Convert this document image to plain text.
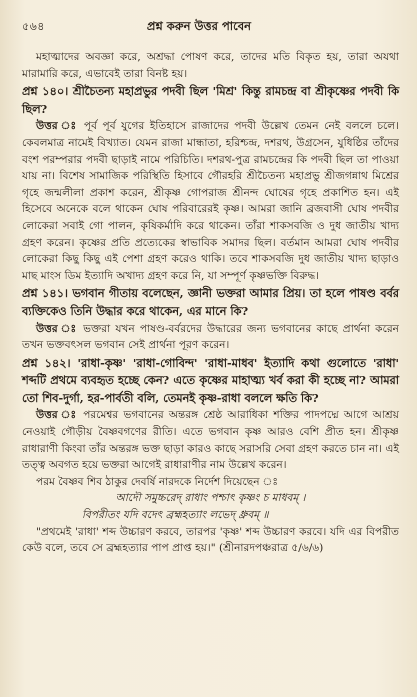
৫৬৪	প্রশ্ন করুন উত্তর পাবেন

মহাত্মাদের অবজ্ঞা করে, অশ্রদ্ধা পোষণ করে, তাদের মতি বিকৃত হয়, তারা অযথা মারামারি করে, এভাবেই তারা বিনষ্ট হয়।

প্রশ্ন ১৪০। শ্রীচৈতন্য মহাপ্রভুর পদবী ছিল 'মিশ্র' কিন্তু রামচন্দ্র বা শ্রীকৃষ্ণের পদবী কি ছিল?

উত্তর ঃ পূর্ব পূর্ব যুগের ইতিহাসে রাজাদের পদবী উল্লেখ তেমন নেই বললে চলে। কেবলমাত্র নামেই বিখ্যাত। যেমন রাজা মান্ধাতা, হরিশ্চন্দ্র, দশরথ, উগ্রসেন, যুধিষ্ঠির তাঁদের বংশ পরম্পরার পদবী ছাড়াই নামে পরিচিতি। দশরথ-পুত্র রামচন্দ্রের কি পদবী ছিল তা পাওয়া যায় না। বিশেষ সামাজিক পরিস্থিতি হিসাবে গৌরহরি শ্রীচৈতন্য মহাপ্রভু শ্রীজগন্নাথ মিশ্রের গৃহে জন্মলীলা প্রকাশ করেন, শ্রীকৃষ্ণ গোপরাজ শ্রীনন্দ ঘোষের গৃহে প্রকাশিত হন। এই হিসেবে অনেকে বলে থাকেন ঘোষ পরিবারেরই কৃষ্ণ। আমরা জানি ব্রজবাসী ঘোষ পদবীর লোকেরা সবাই গো পালন, কৃষিকর্মাদি করে থাকেন। তাঁরা শাকসবজি ও দুধ জাতীয় খাদ্য গ্রহণ করেন। কৃষ্ণের প্রতি প্রত্যেকের স্বাভাবিক সমাদর ছিল। বর্তমান আমরা ঘোষ পদবীর লোকেরা কিছু কিছু এই পেশা গ্রহণ করেও থাকি। তবে শাকসবজি দুধ জাতীয় খাদ্য ছাড়াও মাছ মাংস ডিম ইত্যাদি অখাদ্য গ্রহণ করে নি, যা সম্পূর্ণ কৃষ্ণভক্তি বিরুদ্ধ।

প্রশ্ন ১৪১। ভগবান গীতায় বলেছেন, জ্ঞানী ভক্তরা আমার প্রিয়। তা হলে পাষণ্ড বর্বর ব্যক্তিকেও তিনি উদ্ধার করে থাকেন, এর মানে কি?

উত্তর ঃ ভক্তরা যখন পাষণ্ড-বর্বরদের উদ্ধারের জন্য ভগবানের কাছে প্রার্থনা করেন তখন ভক্তবৎসল ভগবান সেই প্রার্থনা পূরণ করেন।

প্রশ্ন ১৪২। 'রাধা-কৃষ্ণ' 'রাধা-গোবিন্দ' 'রাধা-মাধব' ইত্যাদি কথা গুলোতে 'রাধা' শব্দটি প্রথমে ব্যবহৃত হচ্ছে কেন? এতে কৃষ্ণের মাহাত্ম্য খর্ব করা কী হচ্ছে না? আমরা তো শিব-দুর্গা, হর-পার্বতী বলি, তেমনই কৃষ্ণ-রাধা বললে ক্ষতি কি?

উত্তর ঃ পরমেশ্বর ভগবানের অন্তরঙ্গ শ্রেষ্ঠ আরাধিকা শক্তির পাদপদ্মে আগে আশ্রয় নেওয়াই গৌড়ীয় বৈষ্ণবগণের রীতি। এতে ভগবান কৃষ্ণ আরও বেশি প্রীত হন। শ্রীকৃষ্ণ রাধারাণী কিংবা তাঁর অন্তরঙ্গ ভক্ত ছাড়া কারও কাছে সরাসরি সেবা গ্রহণ করতে চান না। এই তত্ত্ব অবগত হয়ে ভক্তরা আগেই রাধারাণীর নাম উল্লেখ করেন।

পরম বৈষ্ণব শিব ঠাকুর দেবর্ষি নারদকে নির্দেশ দিয়েছেন ঃ

আদৌ সমুচ্চরেদ্ রাধাং পশ্চাৎ কৃষ্ণং চ মাধবম্ ।

বিপরীতং যদি বদেৎ ব্রহ্মহত্যাং লভেদ্ ধ্রুবম্ ॥

"প্রথমেই 'রাধা' শব্দ উচ্চারণ করবে, তারপর 'কৃষ্ণ' শব্দ উচ্চারণ করবে। যদি এর বিপরীত কেউ বলে, তবে সে ব্রহ্মহত্যার পাপ প্রাপ্ত হয়।" (শ্রীনারদপঞ্চরাত্র ৫/৬/৬)
